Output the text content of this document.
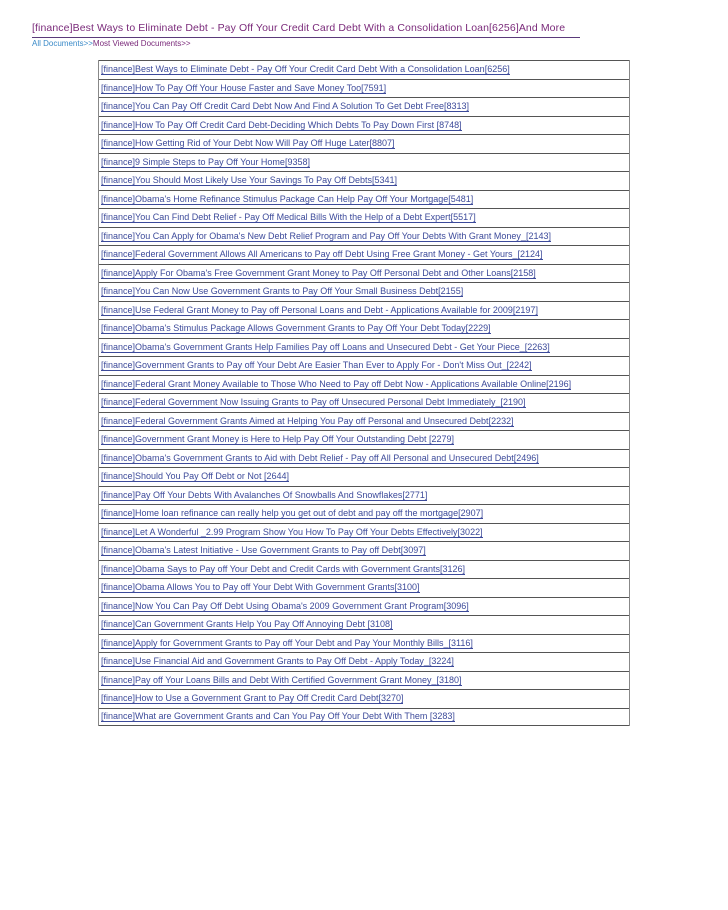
[finance]Best Ways to Eliminate Debt - Pay Off Your Credit Card Debt With a Consolidation Loan[6256]And More
All Documents>>Most Viewed Documents>>
[finance]Best Ways to Eliminate Debt - Pay Off Your Credit Card Debt With a Consolidation Loan[6256]
[finance]How To Pay Off Your House Faster and Save Money Too[7591]
[finance]You Can Pay Off Credit Card Debt Now And Find A Solution To Get Debt Free[8313]
[finance]How To Pay Off Credit Card Debt-Deciding Which Debts To Pay Down First [8748]
[finance]How Getting Rid of Your Debt Now Will Pay Off Huge Later[8807]
[finance]9 Simple Steps to Pay Off Your Home[9358]
[finance]You Should Most Likely Use Your Savings To Pay Off Debts[5341]
[finance]Obama's Home Refinance Stimulus Package Can Help Pay Off Your Mortgage[5481]
[finance]You Can Find Debt Relief - Pay Off Medical Bills With the Help of a Debt Expert[5517]
[finance]You Can Apply for Obama's New Debt Relief Program and Pay Off Your Debts With Grant Money_[2143]
[finance]Federal Government Allows All Americans to Pay off Debt Using Free Grant Money - Get Yours_[2124]
[finance]Apply For Obama's Free Government Grant Money to Pay Off Personal Debt and Other Loans[2158]
[finance]You Can Now Use Government Grants to Pay Off Your Small Business Debt[2155]
[finance]Use Federal Grant Money to Pay off Personal Loans and Debt - Applications Available for 2009[2197]
[finance]Obama's Stimulus Package Allows Government Grants to Pay Off Your Debt Today[2229]
[finance]Obama's Government Grants Help Families Pay off Loans and Unsecured Debt - Get Your Piece_[2263]
[finance]Government Grants to Pay off Your Debt Are Easier Than Ever to Apply For - Don't Miss Out_[2242]
[finance]Federal Grant Money Available to Those Who Need to Pay off Debt Now - Applications Available Online[2196]
[finance]Federal Government Now Issuing Grants to Pay off Unsecured Personal Debt Immediately_[2190]
[finance]Federal Government Grants Aimed at Helping You Pay off Personal and Unsecured Debt[2232]
[finance]Government Grant Money is Here to Help Pay Off Your Outstanding Debt [2279]
[finance]Obama's Government Grants to Aid with Debt Relief - Pay off All Personal and Unsecured Debt[2496]
[finance]Should You Pay Off Debt or Not [2644]
[finance]Pay Off Your Debts With Avalanches Of Snowballs And Snowflakes[2771]
[finance]Home loan refinance can really help you get out of debt and pay off the mortgage[2907]
[finance]Let A Wonderful _2.99 Program Show You How To Pay Off Your Debts Effectively[3022]
[finance]Obama's Latest Initiative - Use Government Grants to Pay off Debt[3097]
[finance]Obama Says to Pay off Your Debt and Credit Cards with Government Grants[3126]
[finance]Obama Allows You to Pay off Your Debt With Government Grants[3100]
[finance]Now You Can Pay Off Debt Using Obama's 2009 Government Grant Program[3096]
[finance]Can Government Grants Help You Pay Off Annoying Debt [3108]
[finance]Apply for Government Grants to Pay off Your Debt and Pay Your Monthly Bills_[3116]
[finance]Use Financial Aid and Government Grants to Pay Off Debt - Apply Today_[3224]
[finance]Pay off Your Loans Bills and Debt With Certified Government Grant Money_[3180]
[finance]How to Use a Government Grant to Pay Off Credit Card Debt[3270]
[finance]What are Government Grants and Can You Pay Off Your Debt With Them [3283]
